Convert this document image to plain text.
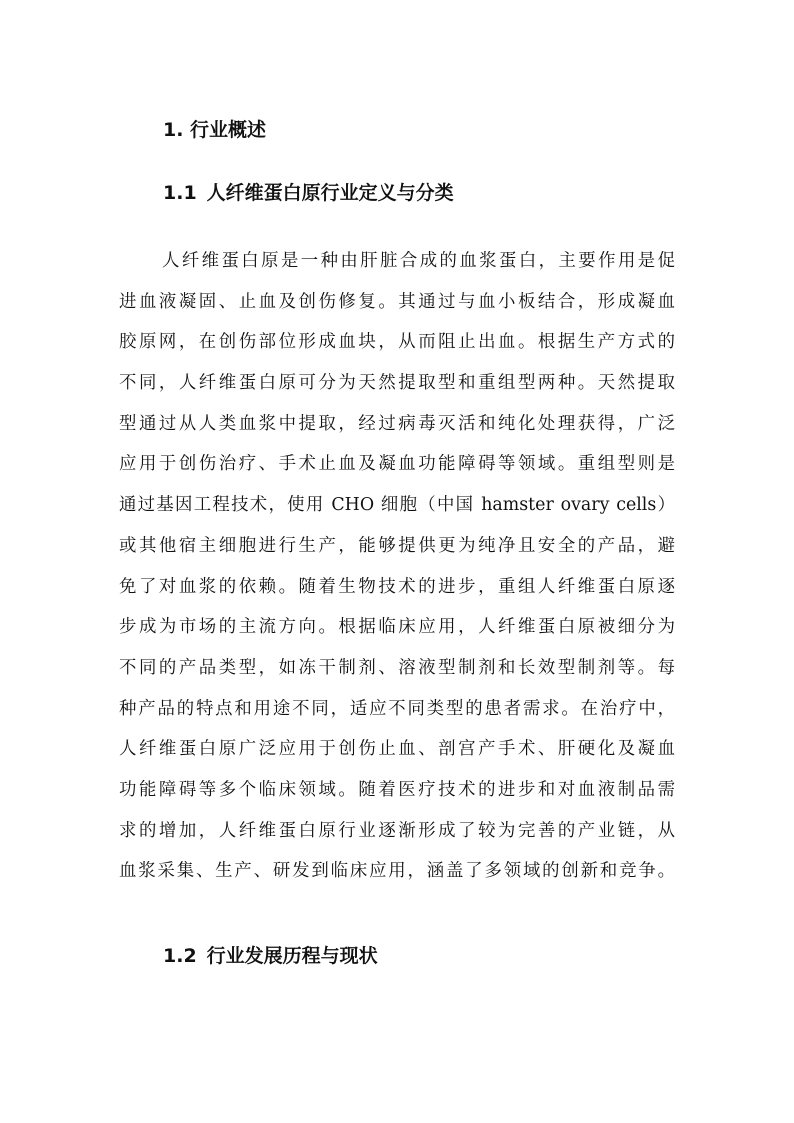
1. 行业概述
1.1 人纤维蛋白原行业定义与分类
人纤维蛋白原是一种由肝脏合成的血浆蛋白，主要作用是促
进血液凝固、止血及创伤修复。其通过与血小板结合，形成凝血
胶原网，在创伤部位形成血块，从而阻止出血。根据生产方式的
不同，人纤维蛋白原可分为天然提取型和重组型两种。天然提取
型通过从人类血浆中提取，经过病毒灭活和纯化处理获得，广泛
应用于创伤治疗、手术止血及凝血功能障碍等领域。重组型则是
通过基因工程技术，使用 CHO 细胞（中国 hamster ovary cells）
或其他宿主细胞进行生产，能够提供更为纯净且安全的产品，避
免了对血浆的依赖。随着生物技术的进步，重组人纤维蛋白原逐
步成为市场的主流方向。根据临床应用，人纤维蛋白原被细分为
不同的产品类型，如冻干制剂、溶液型制剂和长效型制剂等。每
种产品的特点和用途不同，适应不同类型的患者需求。在治疗中，
人纤维蛋白原广泛应用于创伤止血、剖宫产手术、肝硬化及凝血
功能障碍等多个临床领域。随着医疗技术的进步和对血液制品需
求的增加，人纤维蛋白原行业逐渐形成了较为完善的产业链，从
血浆采集、生产、研发到临床应用，涵盖了多领域的创新和竞争。
1.2 行业发展历程与现状
